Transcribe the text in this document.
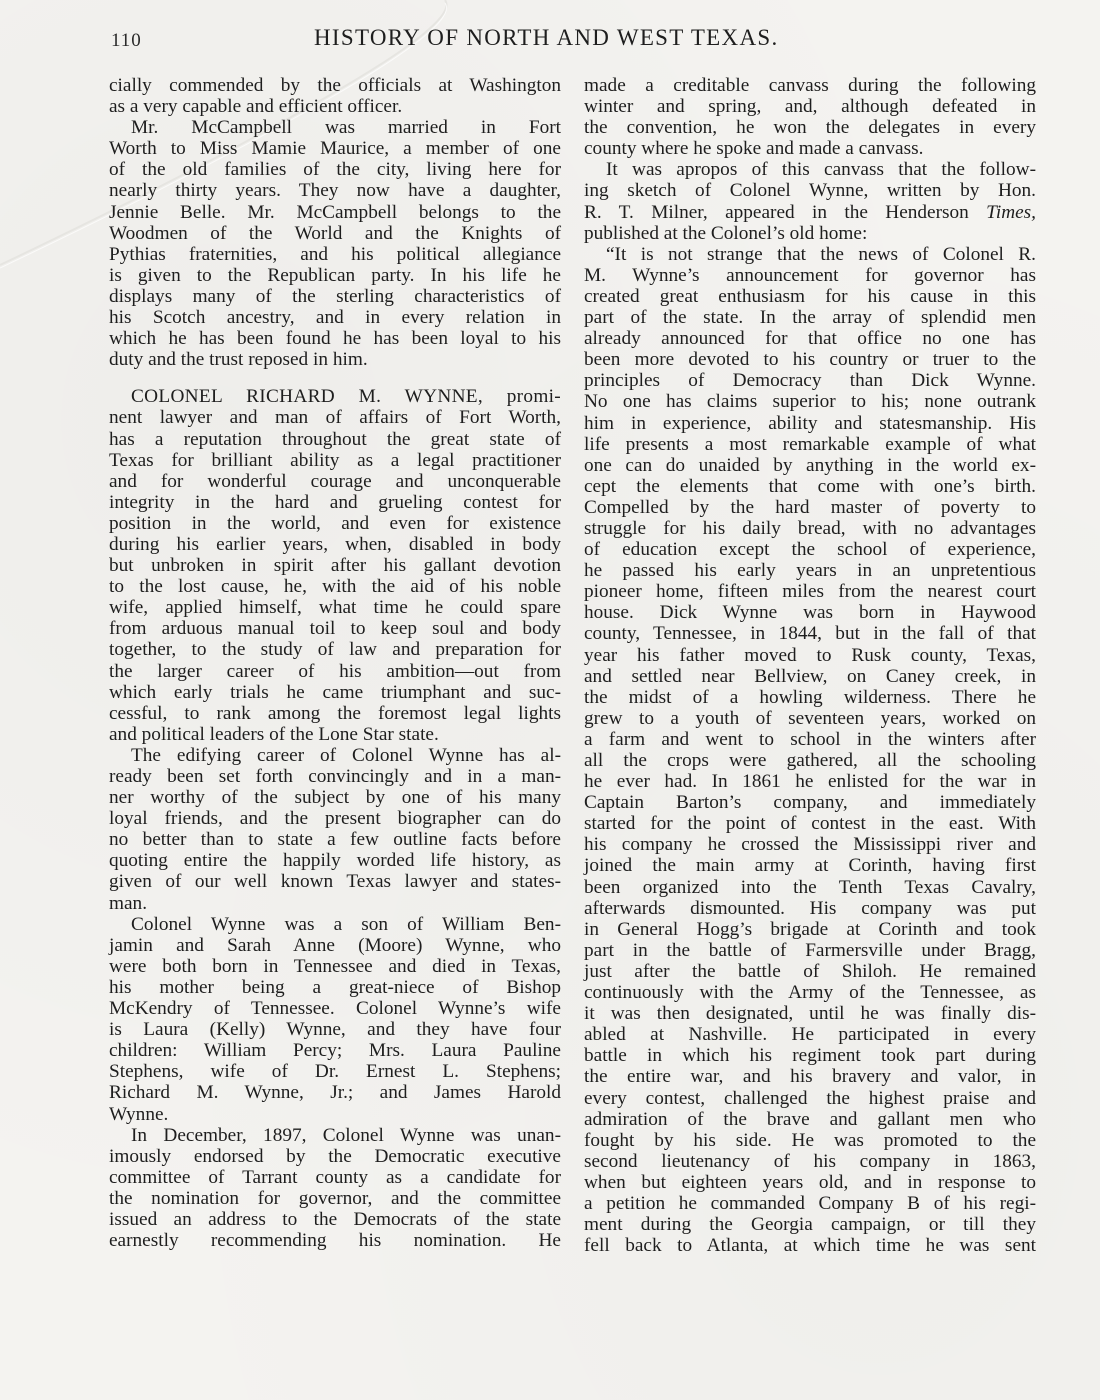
110	HISTORY OF NORTH AND WEST TEXAS.
cially commended by the officials at Washington
as a very capable and efficient officer.
Mr. McCampbell was married in Fort
Worth to Miss Mamie Maurice, a member of one
of the old families of the city, living here for
nearly thirty years. They now have a daughter,
Jennie Belle. Mr. McCampbell belongs to the
Woodmen of the World and the Knights of
Pythias fraternities, and his political allegiance
is given to the Republican party. In his life he
displays many of the sterling characteristics of
his Scotch ancestry, and in every relation in
which he has been found he has been loyal to his
duty and the trust reposed in him.
COLONEL RICHARD M. WYNNE, promi-
nent lawyer and man of affairs of Fort Worth,
has a reputation throughout the great state of
Texas for brilliant ability as a legal practitioner
and for wonderful courage and unconquerable
integrity in the hard and grueling contest for
position in the world, and even for existence
during his earlier years, when, disabled in body
but unbroken in spirit after his gallant devotion
to the lost cause, he, with the aid of his noble
wife, applied himself, what time he could spare
from arduous manual toil to keep soul and body
together, to the study of law and preparation for
the larger career of his ambition—out from
which early trials he came triumphant and suc-
cessful, to rank among the foremost legal lights
and political leaders of the Lone Star state.
The edifying career of Colonel Wynne has al-
ready been set forth convincingly and in a man-
ner worthy of the subject by one of his many
loyal friends, and the present biographer can do
no better than to state a few outline facts before
quoting entire the happily worded life history, as
given of our well known Texas lawyer and states-
man.
Colonel Wynne was a son of William Ben-
jamin and Sarah Anne (Moore) Wynne, who
were both born in Tennessee and died in Texas,
his mother being a great-niece of Bishop
McKendry of Tennessee. Colonel Wynne’s wife
is Laura (Kelly) Wynne, and they have four
children: William Percy; Mrs. Laura Pauline
Stephens, wife of Dr. Ernest L. Stephens;
Richard M. Wynne, Jr.; and James Harold
Wynne.
In December, 1897, Colonel Wynne was unan-
imously endorsed by the Democratic executive
committee of Tarrant county as a candidate for
the nomination for governor, and the committee
issued an address to the Democrats of the state
earnestly recommending his nomination. He
made a creditable canvass during the following
winter and spring, and, although defeated in
the convention, he won the delegates in every
county where he spoke and made a canvass.
It was apropos of this canvass that the follow-
ing sketch of Colonel Wynne, written by Hon.
R. T. Milner, appeared in the Henderson Times,
published at the Colonel’s old home:
“It is not strange that the news of Colonel R.
M. Wynne’s announcement for governor has
created great enthusiasm for his cause in this
part of the state. In the array of splendid men
already announced for that office no one has
been more devoted to his country or truer to the
principles of Democracy than Dick Wynne.
No one has claims superior to his; none outrank
him in experience, ability and statesmanship. His
life presents a most remarkable example of what
one can do unaided by anything in the world ex-
cept the elements that come with one’s birth.
Compelled by the hard master of poverty to
struggle for his daily bread, with no advantages
of education except the school of experience,
he passed his early years in an unpretentious
pioneer home, fifteen miles from the nearest court
house. Dick Wynne was born in Haywood
county, Tennessee, in 1844, but in the fall of that
year his father moved to Rusk county, Texas,
and settled near Bellview, on Caney creek, in
the midst of a howling wilderness. There he
grew to a youth of seventeen years, worked on
a farm and went to school in the winters after
all the crops were gathered, all the schooling
he ever had. In 1861 he enlisted for the war in
Captain Barton’s company, and immediately
started for the point of contest in the east. With
his company he crossed the Mississippi river and
joined the main army at Corinth, having first
been organized into the Tenth Texas Cavalry,
afterwards dismounted. His company was put
in General Hogg’s brigade at Corinth and took
part in the battle of Farmersville under Bragg,
just after the battle of Shiloh. He remained
continuously with the Army of the Tennessee, as
it was then designated, until he was finally dis-
abled at Nashville. He participated in every
battle in which his regiment took part during
the entire war, and his bravery and valor, in
every contest, challenged the highest praise and
admiration of the brave and gallant men who
fought by his side. He was promoted to the
second lieutenancy of his company in 1863,
when but eighteen years old, and in response to
a petition he commanded Company B of his regi-
ment during the Georgia campaign, or till they
fell back to Atlanta, at which time he was sent
